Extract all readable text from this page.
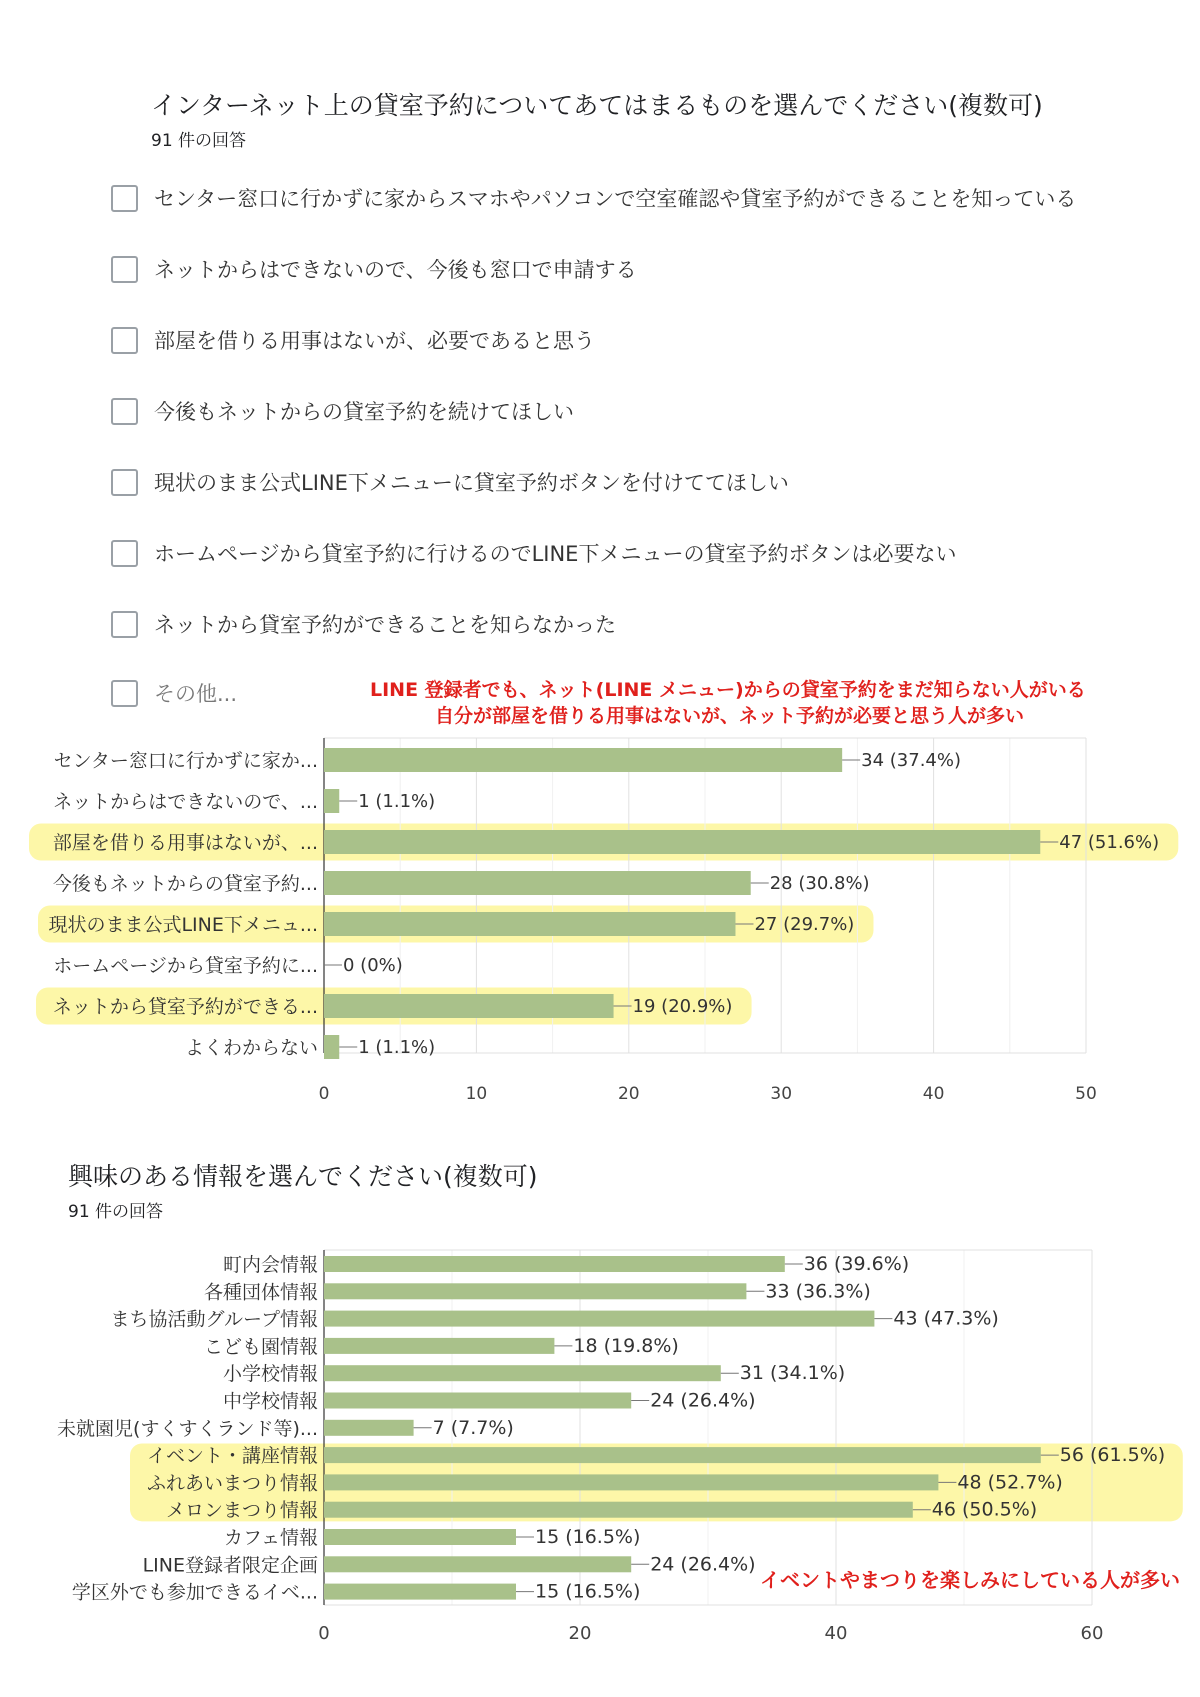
インターネット上の貸室予約についてあてはまるものを選んでください(複数可)
91 件の回答
センター窓口に行かずに家からスマホやパソコンで空室確認や貸室予約ができることを知っている
ネットからはできないので、今後も窓口で申請する
部屋を借りる用事はないが、必要であると思う
今後もネットからの貸室予約を続けてほしい
現状のまま公式LINE下メニューに貸室予約ボタンを付けててほしい
ホームページから貸室予約に行けるのでLINE下メニューの貸室予約ボタンは必要ない
ネットから貸室予約ができることを知らなかった
その他...	LINE 登録者でも、ネット(LINE メニュー)からの貸室予約をまだ知らない人がいる
自分が部屋を借りる用事はないが、ネット予約が必要と思う人が多い
34 (37.4%)
センター窓口に行かずに家か...
1 (1.1%)
ネットからはできないので、...
47 (51.6%)
部屋を借りる用事はないが、...
28 (30.8%)
今後もネットからの貸室予約...
27 (29.7%)
現状のまま公式LINE下メニュ...
0 (0%)
ホームページから貸室予約に...
19 (20.9%)
ネットから貸室予約ができる...
1 (1.1%)
よくわからない
0	10	20	30	40	50
興味のある情報を選んでください(複数可)
91 件の回答
36 (39.6%)
町内会情報
33 (36.3%)
各種団体情報
43 (47.3%)
まち協活動グループ情報
18 (19.8%)
こども園情報
31 (34.1%)
小学校情報
24 (26.4%)
中学校情報
7 (7.7%)
未就園児(すくすくランド等)...
56 (61.5%)
イベント・講座情報
48 (52.7%)
ふれあいまつり情報
46 (50.5%)
メロンまつり情報
15 (16.5%)
カフェ情報
24 (26.4%)
LINE登録者限定企画
15 (16.5%)
学区外でも参加できるイベ...
0	20	40	60
イベントやまつりを楽しみにしている人が多い
